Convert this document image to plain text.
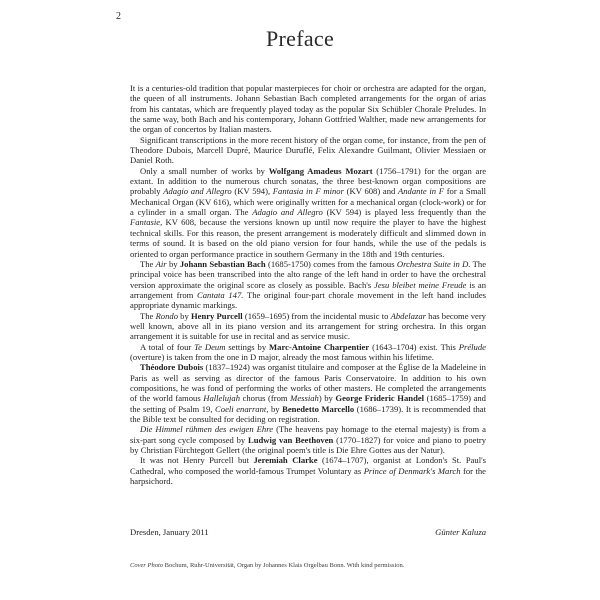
2
Preface

It is a centuries-old tradition that popular masterpieces for choir or orchestra are adapted for the organ, the queen of all instruments. Johann Sebastian Bach completed arrangements for the organ of arias from his cantatas, which are frequently played today as the popular Six Schübler Chorale Preludes. In the same way, both Bach and his contemporary, Johann Gottfried Walther, made new arrangements for the organ of concertos by Italian masters.

Significant transcriptions in the more recent history of the organ come, for instance, from the pen of Theodore Dubois, Marcell Dupré, Maurice Duruflé, Felix Alexandre Guilmant, Olivier Messiaen or Daniel Roth.

Only a small number of works by Wolfgang Amadeus Mozart (1756–1791) for the organ are extant. In addition to the numerous church sonatas, the three best-known organ compositions are probably Adagio and Allegro (KV 594), Fantasia in F minor (KV 608) and Andante in F for a Small Mechanical Organ (KV 616), which were originally written for a mechanical organ (clock-work) or for a cylinder in a small organ. The Adagio and Allegro (KV 594) is played less frequently than the Fantasie, KV 608, because the versions known up until now require the player to have the highest technical skills. For this reason, the present arrangement is moderately difficult and slimmed down in terms of sound. It is based on the old piano version for four hands, while the use of the pedals is oriented to organ performance practice in southern Germany in the 18th and 19th centuries.

The Air by Johann Sebastian Bach (1685-1750) comes from the famous Orchestra Suite in D. The principal voice has been transcribed into the alto range of the left hand in order to have the orchestral version approximate the original score as closely as possible. Bach's Jesu bleibet meine Freude is an arrangement from Cantata 147. The original four-part chorale movement in the left hand includes appropriate dynamic markings.

The Rondo by Henry Purcell (1659–1695) from the incidental music to Abdelazar has become very well known, above all in its piano version and its arrangement for string orchestra. In this organ arrangement it is suitable for use in recital and as service music.

A total of four Te Deum settings by Marc-Antoine Charpentier (1643–1704) exist. This Prélude (overture) is taken from the one in D major, already the most famous within his lifetime.

Théodore Dubois (1837–1924) was organist titulaire and composer at the Église de la Madeleine in Paris as well as serving as director of the famous Paris Conservatoire. In addition to his own compositions, he was fond of performing the works of other masters. He completed the arrangements of the world famous Hallelujah chorus (from Messiah) by George Frideric Handel (1685–1759) and the setting of Psalm 19, Coeli enarrant, by Benedetto Marcello (1686–1739). It is recommended that the Bible text be consulted for deciding on registration.

Die Himmel rühmen des ewigen Ehre (The heavens pay homage to the eternal majesty) is from a six-part song cycle composed by Ludwig van Beethoven (1770–1827) for voice and piano to poetry by Christian Fürchtegott Gellert (the original poem's title is Die Ehre Gottes aus der Natur).

It was not Henry Purcell but Jeremiah Clarke (1674–1707), organist at London's St. Paul's Cathedral, who composed the world-famous Trumpet Voluntary as Prince of Denmark's March for the harpsichord.

Dresden, January 2011	Günter Kaluza
Cover Photo Bochum, Ruhr-Universität, Organ by Johannes Klais Orgelbau Bonn. With kind permission.
